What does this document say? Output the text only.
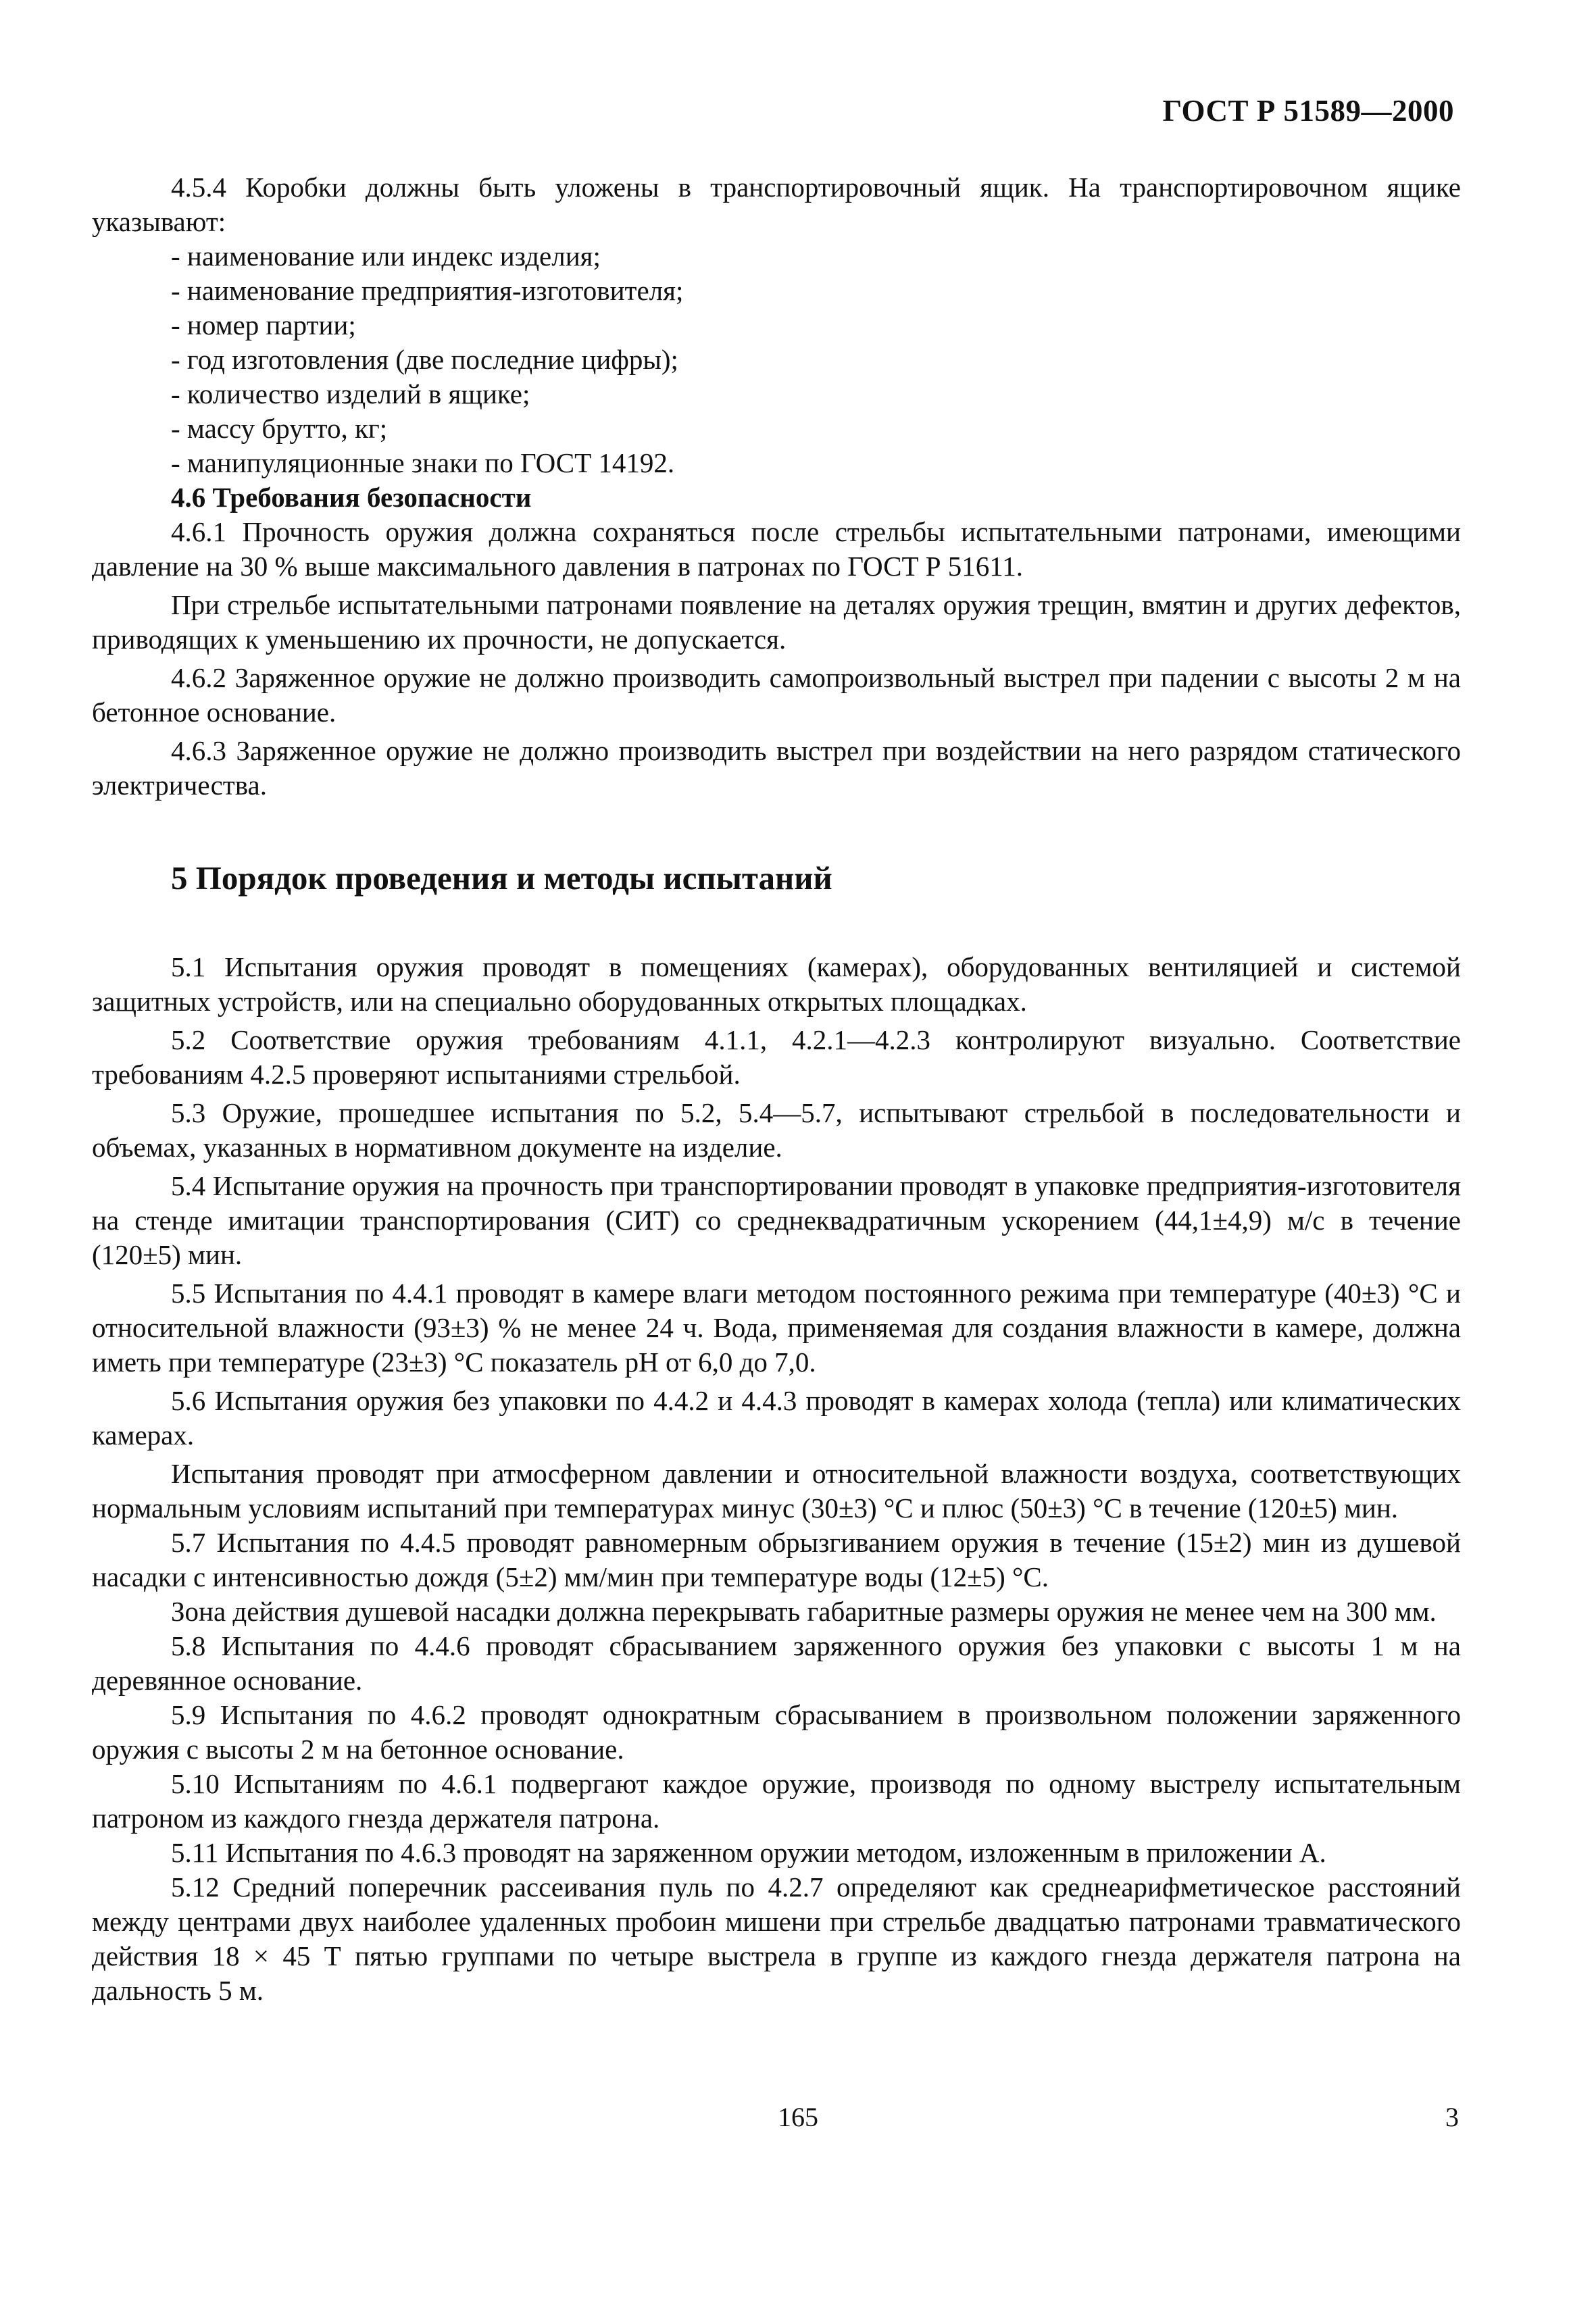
ГОСТ Р 51589—2000

4.5.4 Коробки должны быть уложены в транспортировочный ящик. На транспортировочном ящике указывают:

- наименование или индекс изделия;

- наименование предприятия-изготовителя;

- номер партии;

- год изготовления (две последние цифры);

- количество изделий в ящике;

- массу брутто, кг;

- манипуляционные знаки по ГОСТ 14192.

4.6 Требования безопасности

4.6.1 Прочность оружия должна сохраняться после стрельбы испытательными патронами, имеющими давление на 30 % выше максимального давления в патронах по ГОСТ Р 51611.

При стрельбе испытательными патронами появление на деталях оружия трещин, вмятин и других дефектов, приводящих к уменьшению их прочности, не допускается.

4.6.2 Заряженное оружие не должно производить самопроизвольный выстрел при падении с высоты 2 м на бетонное основание.

4.6.3 Заряженное оружие не должно производить выстрел при воздействии на него разрядом статического электричества.

5 Порядок проведения и методы испытаний

5.1 Испытания оружия проводят в помещениях (камерах), оборудованных вентиляцией и системой защитных устройств, или на специально оборудованных открытых площадках.

5.2 Соответствие оружия требованиям 4.1.1, 4.2.1—4.2.3 контролируют визуально. Соответствие требованиям 4.2.5 проверяют испытаниями стрельбой.

5.3 Оружие, прошедшее испытания по 5.2, 5.4—5.7, испытывают стрельбой в последовательности и объемах, указанных в нормативном документе на изделие.

5.4 Испытание оружия на прочность при транспортировании проводят в упаковке предприятия-изготовителя на стенде имитации транспортирования (СИТ) со среднеквадратичным ускорением (44,1±4,9) м/с в течение (120±5) мин.

5.5 Испытания по 4.4.1 проводят в камере влаги методом постоянного режима при температуре (40±3) °С и относительной влажности (93±3) % не менее 24 ч. Вода, применяемая для создания влажности в камере, должна иметь при температуре (23±3) °С показатель рН от 6,0 до 7,0.

5.6 Испытания оружия без упаковки по 4.4.2 и 4.4.3 проводят в камерах холода (тепла) или климатических камерах.

Испытания проводят при атмосферном давлении и относительной влажности воздуха, соответствующих нормальным условиям испытаний при температурах минус (30±3) °С и плюс (50±3) °С в течение (120±5) мин.

5.7 Испытания по 4.4.5 проводят равномерным обрызгиванием оружия в течение (15±2) мин из душевой насадки с интенсивностью дождя (5±2) мм/мин при температуре воды (12±5) °С.

Зона действия душевой насадки должна перекрывать габаритные размеры оружия не менее чем на 300 мм.

5.8 Испытания по 4.4.6 проводят сбрасыванием заряженного оружия без упаковки с высоты 1 м на деревянное основание.

5.9 Испытания по 4.6.2 проводят однократным сбрасыванием в произвольном положении заряженного оружия с высоты 2 м на бетонное основание.

5.10 Испытаниям по 4.6.1 подвергают каждое оружие, производя по одному выстрелу испытательным патроном из каждого гнезда держателя патрона.

5.11 Испытания по 4.6.3 проводят на заряженном оружии методом, изложенным в приложении А.

5.12 Средний поперечник рассеивания пуль по 4.2.7 определяют как среднеарифметическое расстояний между центрами двух наиболее удаленных пробоин мишени при стрельбе двадцатью патронами травматического действия 18 × 45 Т пятью группами по четыре выстрела в группе из каждого гнезда держателя патрона на дальность 5 м.

165	3
